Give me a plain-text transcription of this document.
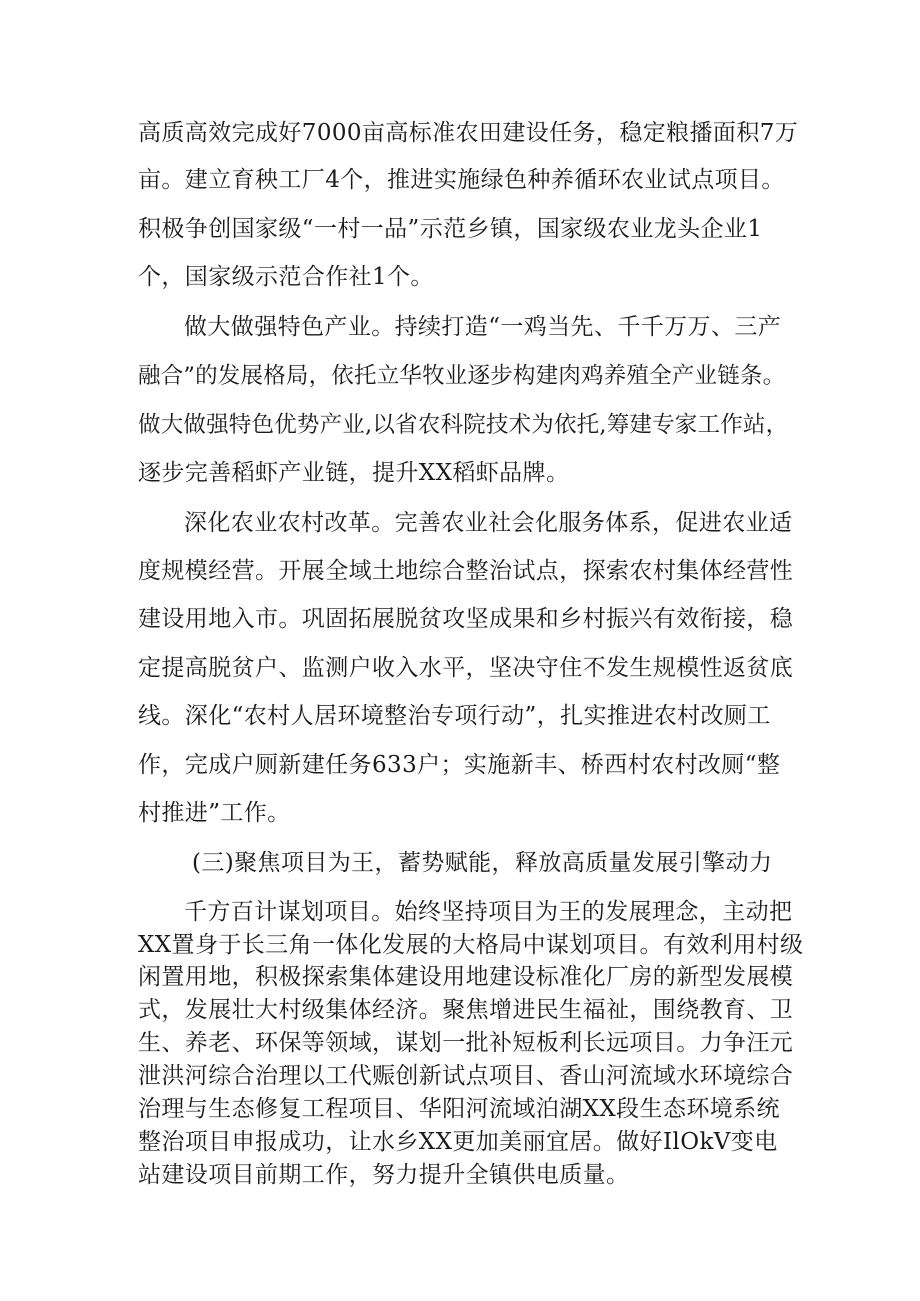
高质高效完成好7000亩高标准农田建设任务，稳定粮播面积7万
亩。建立育秧工厂4个，推进实施绿色种养循环农业试点项目。
积极争创国家级“一村一品”示范乡镇，国家级农业龙头企业1
个，国家级示范合作社1个。
做大做强特色产业。持续打造“一鸡当先、千千万万、三产
融合”的发展格局，依托立华牧业逐步构建肉鸡养殖全产业链条。
做大做强特色优势产业,以省农科院技术为依托,筹建专家工作站，
逐步完善稻虾产业链，提升XX稻虾品牌。
深化农业农村改革。完善农业社会化服务体系，促进农业适
度规模经营。开展全域土地综合整治试点，探索农村集体经营性
建设用地入市。巩固拓展脱贫攻坚成果和乡村振兴有效衔接，稳
定提高脱贫户、监测户收入水平，坚决守住不发生规模性返贫底
线。深化“农村人居环境整治专项行动”，扎实推进农村改厕工
作，完成户厕新建任务633户；实施新丰、桥西村农村改厕“整
村推进”工作。
(三)聚焦项目为王，蓄势赋能，释放高质量发展引擎动力
千方百计谋划项目。始终坚持项目为王的发展理念，主动把
XX置身于长三角一体化发展的大格局中谋划项目。有效利用村级
闲置用地，积极探索集体建设用地建设标准化厂房的新型发展模
式，发展壮大村级集体经济。聚焦增进民生福祉，围绕教育、卫
生、养老、环保等领域，谋划一批补短板利长远项目。力争汪元
泄洪河综合治理以工代赈创新试点项目、香山河流域水环境综合
治理与生态修复工程项目、华阳河流域泊湖XX段生态环境系统
整治项目申报成功，让水乡XX更加美丽宜居。做好IlOkV变电
站建设项目前期工作，努力提升全镇供电质量。
